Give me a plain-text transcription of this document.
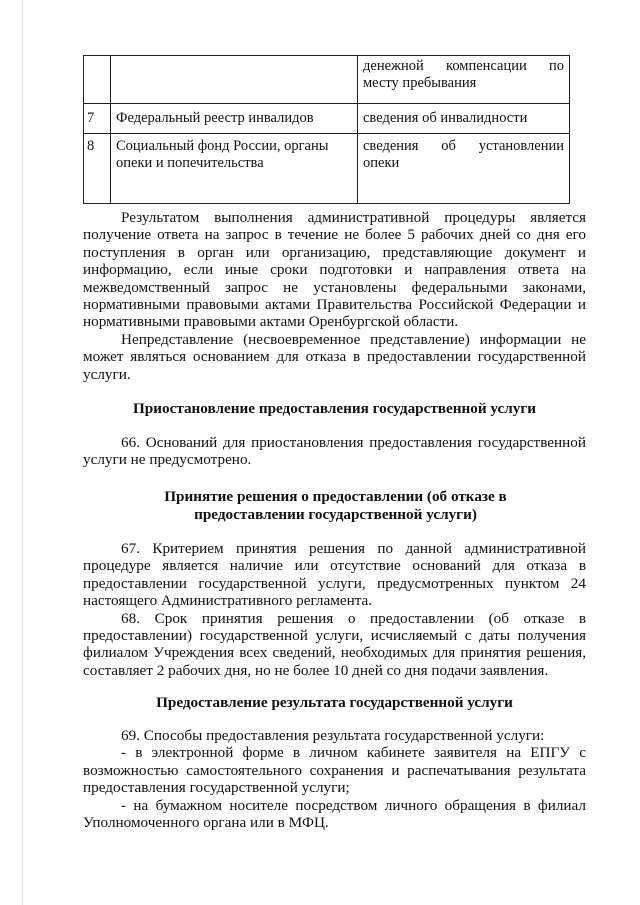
		денежной компенсации по месту пребывания
7	Федеральный реестр инвалидов	сведения об инвалидности
8	Социальный фонд России, органы опеки и попечительства	сведения об установлении опеки

Результатом выполнения административной процедуры является получение ответа на запрос в течение не более 5 рабочих дней со дня его поступления в орган или организацию, представляющие документ и информацию, если иные сроки подготовки и направления ответа на межведомственный запрос не установлены федеральными законами, нормативными правовыми актами Правительства Российской Федерации и нормативными правовыми актами Оренбургской области.

Непредставление (несвоевременное представление) информации не может являться основанием для отказа в предоставлении государственной услуги.

Приостановление предоставления государственной услуги

66. Оснований для приостановления предоставления государственной услуги не предусмотрено.

Принятие решения о предоставлении (об отказе в предоставлении государственной услуги)

67. Критерием принятия решения по данной административной процедуре является наличие или отсутствие оснований для отказа в предоставлении государственной услуги, предусмотренных пунктом 24 настоящего Административного регламента.

68. Срок принятия решения о предоставлении (об отказе в предоставлении) государственной услуги, исчисляемый с даты получения филиалом Учреждения всех сведений, необходимых для принятия решения, составляет 2 рабочих дня, но не более 10 дней со дня подачи заявления.

Предоставление результата государственной услуги

69. Способы предоставления результата государственной услуги:

- в электронной форме в личном кабинете заявителя на ЕПГУ с возможностью самостоятельного сохранения и распечатывания результата предоставления государственной услуги;

- на бумажном носителе посредством личного обращения в филиал Уполномоченного органа или в МФЦ.
